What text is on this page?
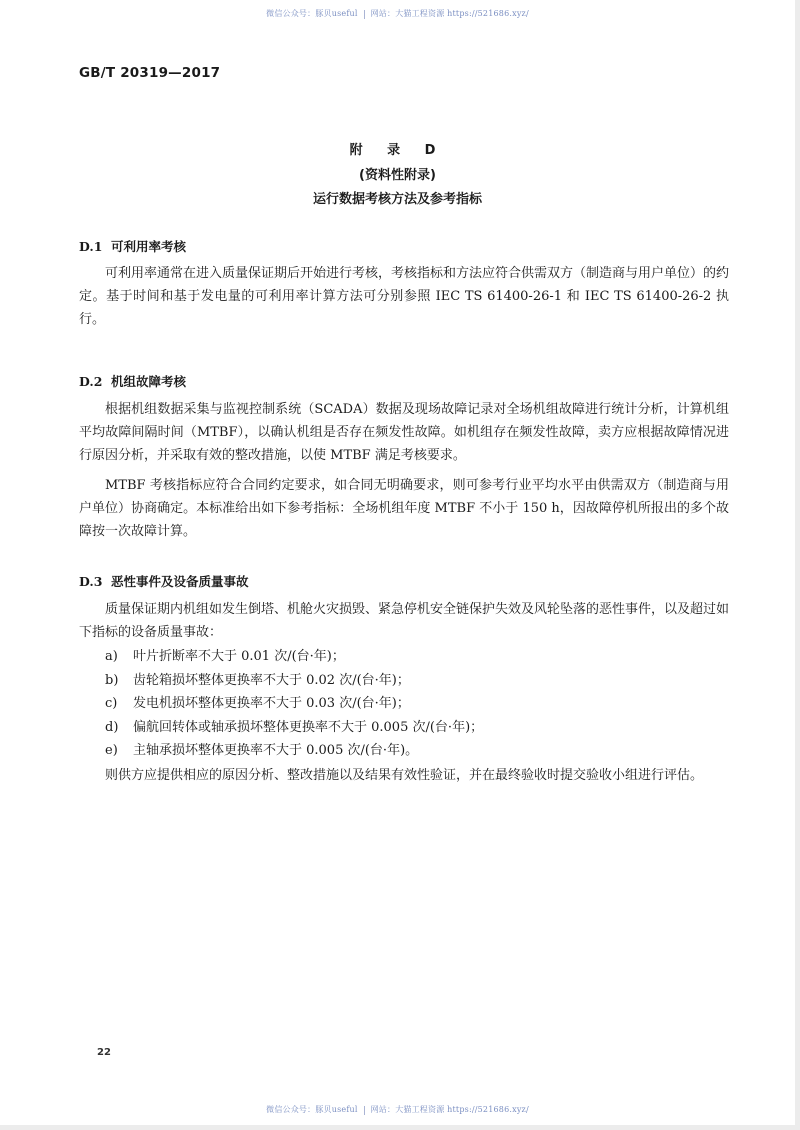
微信公众号：豚贝useful 网站：大猫工程资源 https://521686.xyz/
GB/T 20319—2017
附 录 D
(资料性附录)
运行数据考核方法及参考指标
D.1 可利用率考核

可利用率通常在进入质量保证期后开始进行考核，考核指标和方法应符合供需双方（制造商与用户单位）的约定。基于时间和基于发电量的可利用率计算方法可分别参照 IEC TS 61400-26-1 和 IEC TS 61400-26-2 执行。

D.2 机组故障考核

根据机组数据采集与监视控制系统（SCADA）数据及现场故障记录对全场机组故障进行统计分析，计算机组平均故障间隔时间（MTBF），以确认机组是否存在频发性故障。如机组存在频发性故障，卖方应根据故障情况进行原因分析，并采取有效的整改措施，以使 MTBF 满足考核要求。

MTBF 考核指标应符合合同约定要求，如合同无明确要求，则可参考行业平均水平由供需双方（制造商与用户单位）协商确定。本标准给出如下参考指标：全场机组年度 MTBF 不小于 150 h，因故障停机所报出的多个故障按一次故障计算。

D.3 恶性事件及设备质量事故

质量保证期内机组如发生倒塔、机舱火灾损毁、紧急停机安全链保护失效及风轮坠落的恶性事件，以及超过如下指标的设备质量事故：

a) 叶片折断率不大于 0.01 次/(台·年)；
b) 齿轮箱损坏整体更换率不大于 0.02 次/(台·年)；
c) 发电机损坏整体更换率不大于 0.03 次/(台·年)；
d) 偏航回转体或轴承损坏整体更换率不大于 0.005 次/(台·年)；
e) 主轴承损坏整体更换率不大于 0.005 次/(台·年)。

则供方应提供相应的原因分析、整改措施以及结果有效性验证，并在最终验收时提交验收小组进行评估。

22
微信公众号：豚贝useful 网站：大猫工程资源 https://521686.xyz/
